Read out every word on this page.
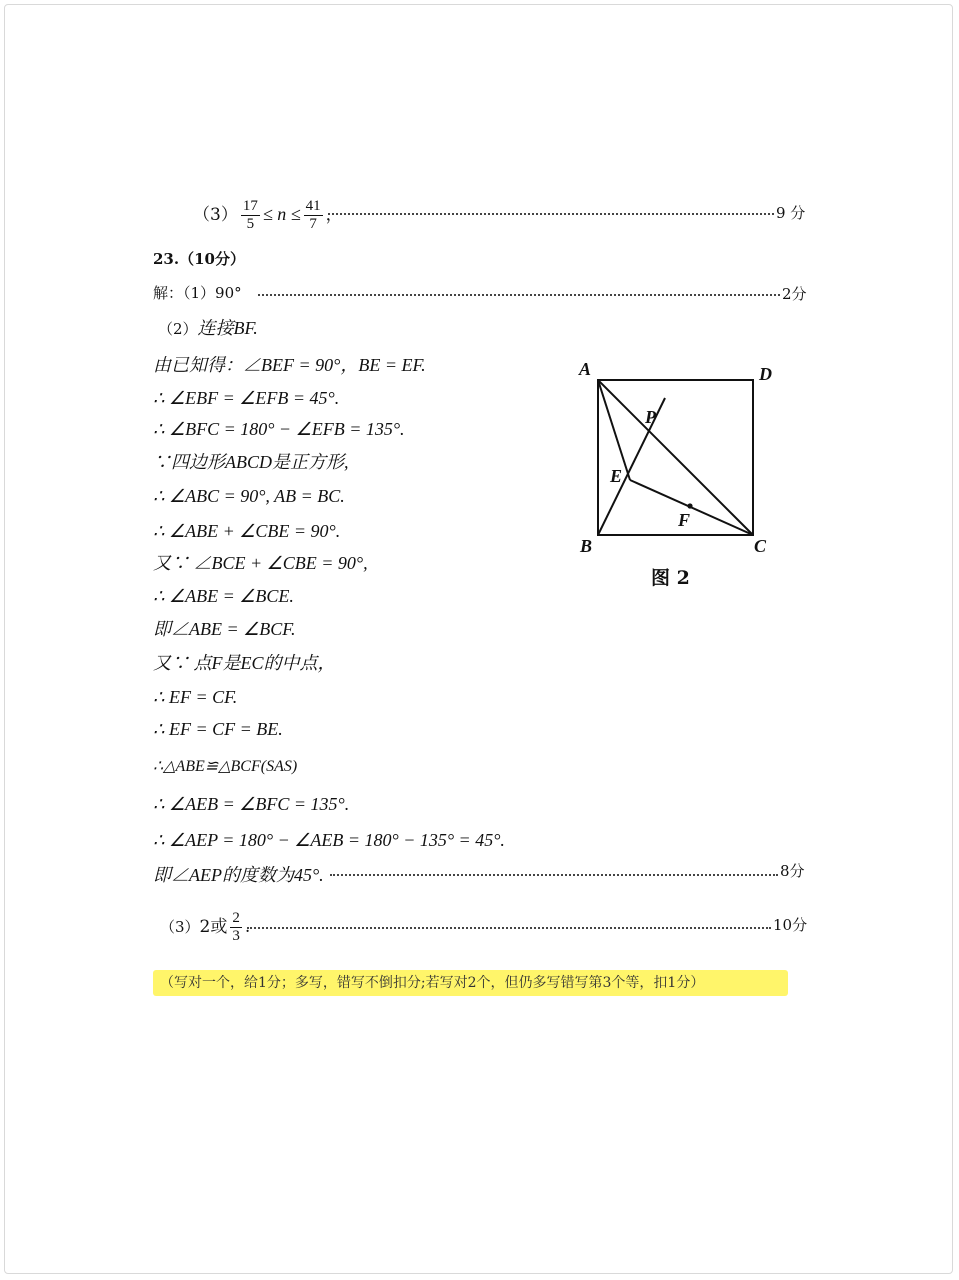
$(3) \frac{17}{5} \le n \le \frac{41}{7}$ ，	9 分
23.（10分）
解：（1）90°	2分
（2）连接BF.
由已知得：∠BEF = 90°，BE = EF.
∴ ∠EBF = ∠EFB = 45°.
∴ ∠BFC = 180° − ∠EFB = 135°.
∵四边形ABCD是正方形,
∴ ∠ABC = 90°, AB = BC.
∴ ∠ABE + ∠CBE = 90°.
又∵ ∠BCE + ∠CBE = 90°,
∴ ∠ABE = ∠BCE.
即∠ABE = ∠BCF.
又∵ 点F是EC的中点，
∴ EF = CF.
∴ EF = CF = BE.
∴△ABE≌△BCF(SAS)
∴ ∠AEB = ∠BFC = 135°.
∴ ∠AEP = 180° − ∠AEB = 180° − 135° = 45°.
即∠AEP的度数为45°.	8分
（3）2或 $\frac{2}{3}$ .	10分
（写对一个，给1分；多写，错写不倒扣分;若写对2个，但仍多写错写第3个等，扣1分）
A	D
B	C
P
E
F
图 2
